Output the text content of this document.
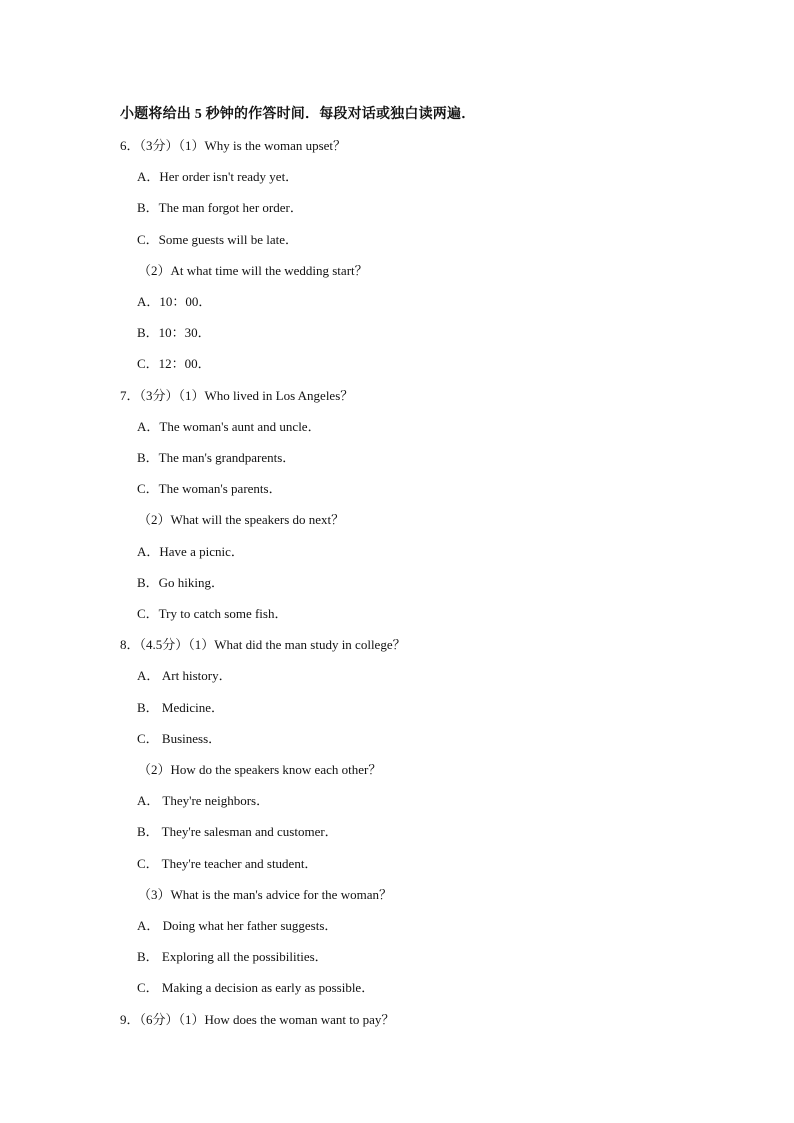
小题将给出 5 秒钟的作答时间．每段对话或独白读两遍．
6．（3分）（1）Why is the woman upset？
A．Her order isn't ready yet．
B．The man forgot her order．
C．Some guests will be late．
（2）At what time will the wedding start？
A．10：00．
B．10：30．
C．12：00．
7．（3分）（1）Who lived in Los Angeles？
A．The woman's aunt and uncle．
B．The man's grandparents．
C．The woman's parents．
（2）What will the speakers do next？
A．Have a picnic．
B．Go hiking．
C．Try to catch some fish．
8．（4.5分）（1）What did the man study in college？
A． Art history．
B． Medicine．
C． Business．
（2）How do the speakers know each other？
A． They're neighbors．
B． They're salesman and customer．
C． They're teacher and student．
（3）What is the man's advice for the woman？
A． Doing what her father suggests．
B． Exploring all the possibilities．
C． Making a decision as early as possible．
9．（6分）（1）How does the woman want to pay？
